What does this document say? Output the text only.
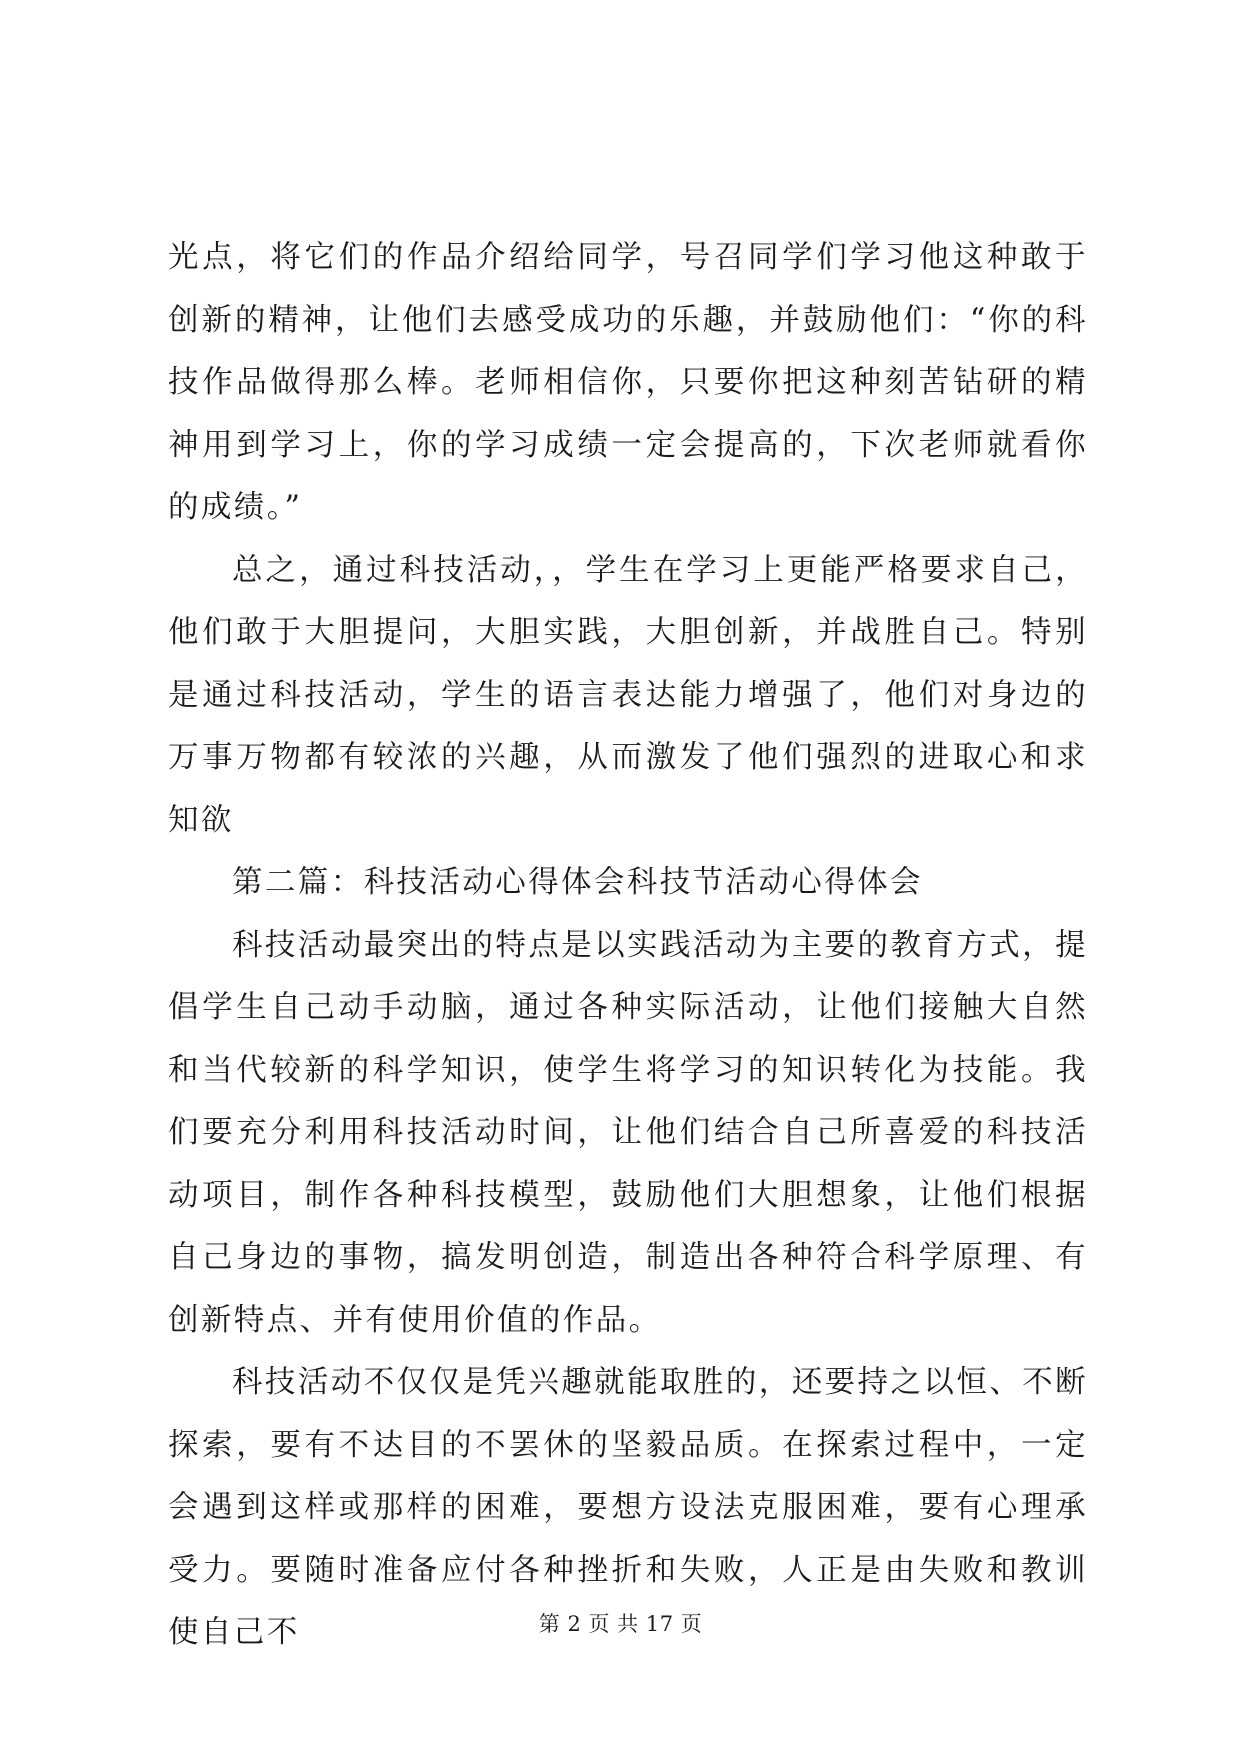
光点，将它们的作品介绍给同学，号召同学们学习他这种敢于创新的精神，让他们去感受成功的乐趣，并鼓励他们：“你的科技作品做得那么棒。老师相信你，只要你把这种刻苦钻研的精神用到学习上，你的学习成绩一定会提高的，下次老师就看你的成绩。”

总之，通过科技活动，，学生在学习上更能严格要求自己，他们敢于大胆提问，大胆实践，大胆创新，并战胜自己。特别是通过科技活动，学生的语言表达能力增强了，他们对身边的万事万物都有较浓的兴趣，从而激发了他们强烈的进取心和求知欲

第二篇：科技活动心得体会科技节活动心得体会

科技活动最突出的特点是以实践活动为主要的教育方式，提倡学生自己动手动脑，通过各种实际活动，让他们接触大自然和当代较新的科学知识，使学生将学习的知识转化为技能。我们要充分利用科技活动时间，让他们结合自己所喜爱的科技活动项目，制作各种科技模型，鼓励他们大胆想象，让他们根据自己身边的事物，搞发明创造，制造出各种符合科学原理、有创新特点、并有使用价值的作品。

科技活动不仅仅是凭兴趣就能取胜的，还要持之以恒、不断探索，要有不达目的不罢休的坚毅品质。在探索过程中，一定会遇到这样或那样的困难，要想方设法克服困难，要有心理承受力。要随时准备应付各种挫折和失败，人正是由失败和教训使自己不	第 2 页 共 17 页
